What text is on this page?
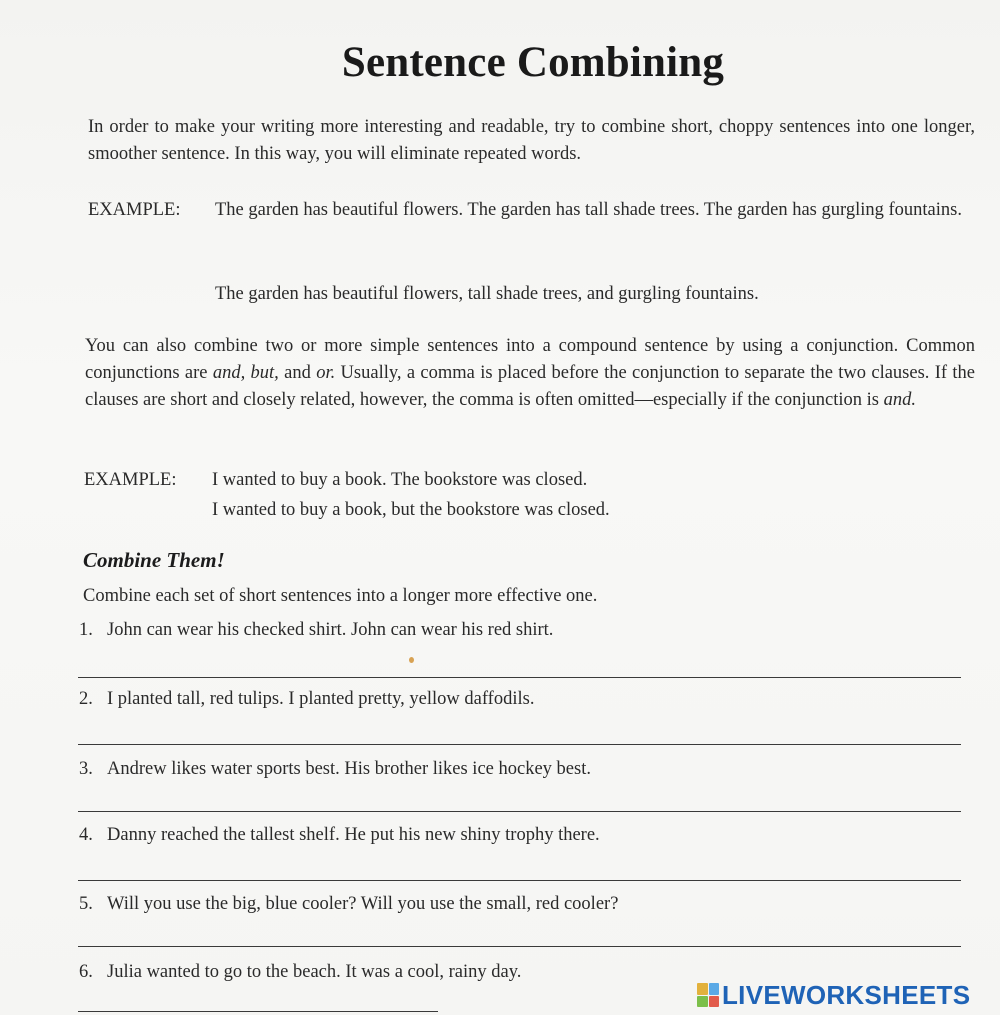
Sentence Combining

In order to make your writing more interesting and readable, try to combine short, choppy sentences into one longer, smoother sentence. In this way, you will eliminate repeated words.

EXAMPLE: The garden has beautiful flowers. The garden has tall shade trees. The garden has gurgling fountains.

The garden has beautiful flowers, tall shade trees, and gurgling fountains.

You can also combine two or more simple sentences into a compound sentence by using a conjunction. Common conjunctions are and, but, and or. Usually, a comma is placed before the conjunction to separate the two clauses. If the clauses are short and closely related, however, the comma is often omitted—especially if the conjunction is and.

EXAMPLE: I wanted to buy a book. The bookstore was closed.

I wanted to buy a book, but the bookstore was closed.

Combine Them!

Combine each set of short sentences into a longer more effective one.

1. John can wear his checked shirt. John can wear his red shirt.
2. I planted tall, red tulips. I planted pretty, yellow daffodils.
3. Andrew likes water sports best. His brother likes ice hockey best.
4. Danny reached the tallest shelf. He put his new shiny trophy there.
5. Will you use the big, blue cooler? Will you use the small, red cooler?
6. Julia wanted to go to the beach. It was a cool, rainy day.
LIVEWORKSHEETS
